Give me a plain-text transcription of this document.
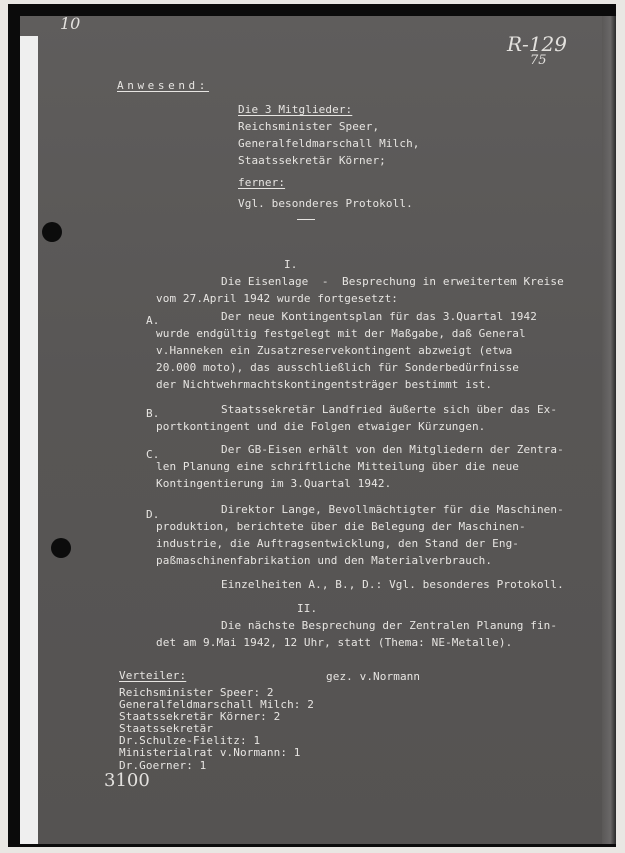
10
R-129
75
Anwesend:
Die 3 Mitglieder:
Reichsminister Speer,
Generalfeldmarschall Milch,
Staatssekretär Körner;
ferner:
Vgl. besonderes Protokoll.
I.
Die Eisenlage  -  Besprechung in erweitertem Kreise
vom 27.April 1942 wurde fortgesetzt:
A.	Der neue Kontingentsplan für das 3.Quartal 1942
wurde endgültig festgelegt mit der Maßgabe, daß General
v.Hanneken ein Zusatzreservekontingent abzweigt (etwa
20.000 moto), das ausschließlich für Sonderbedürfnisse
der Nichtwehrmachtskontingentsträger bestimmt ist.
B.	Staatssekretär Landfried äußerte sich über das Ex-
portkontingent und die Folgen etwaiger Kürzungen.
C.	Der GB-Eisen erhält von den Mitgliedern der Zentra-
len Planung eine schriftliche Mitteilung über die neue
Kontingentierung im 3.Quartal 1942.
D.	Direktor Lange, Bevollmächtigter für die Maschinen-
produktion, berichtete über die Belegung der Maschinen-
industrie, die Auftragsentwicklung, den Stand der Eng-
paßmaschinenfabrikation und den Materialverbrauch.
Einzelheiten A., B., D.: Vgl. besonderes Protokoll.
II.
Die nächste Besprechung der Zentralen Planung fin-
det am 9.Mai 1942, 12 Uhr, statt (Thema: NE-Metalle).
gez. v.Normann
Verteiler:
Reichsminister Speer: 2
Generalfeldmarschall Milch: 2
Staatssekretär Körner: 2
Staatssekretär
Dr.Schulze-Fielitz: 1
Ministerialrat v.Normann: 1
Dr.Goerner: 1
3100
